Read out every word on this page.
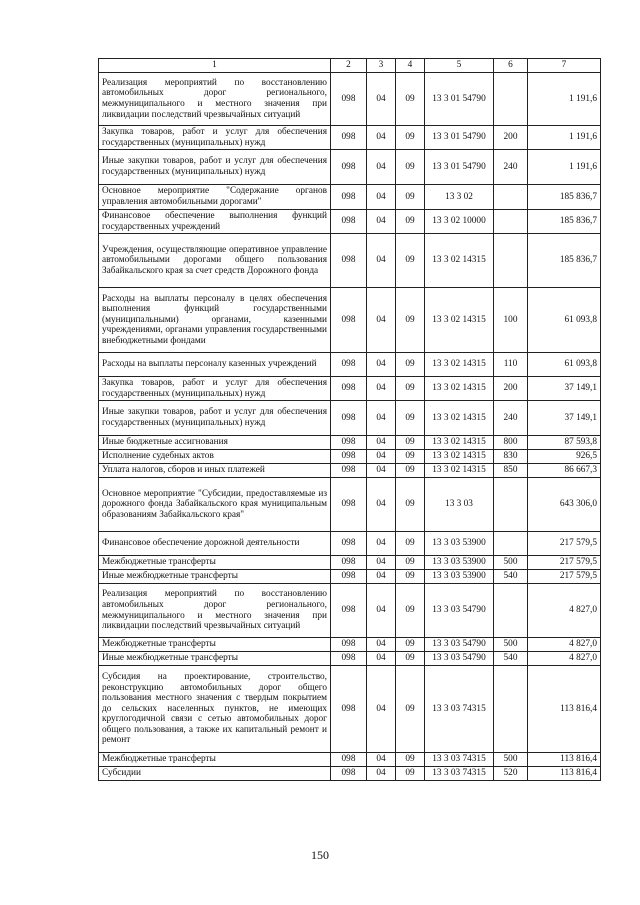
1	2	3	4	5	6	7
Реализация мероприятий по восстановлению автомобильных дорог регионального, межмуниципального и местного значения при ликвидации последствий чрезвычайных ситуаций	098	04	09	13 3 01 54790		1 191,6
Закупка товаров, работ и услуг для обеспечения государственных (муниципальных) нужд	098	04	09	13 3 01 54790	200	1 191,6
Иные закупки товаров, работ и услуг для обеспечения государственных (муниципальных) нужд	098	04	09	13 3 01 54790	240	1 191,6
Основное мероприятие "Содержание органов управления автомобильными дорогами"	098	04	09	13 3 02		185 836,7
Финансовое обеспечение выполнения функций государственных учреждений	098	04	09	13 3 02 10000		185 836,7
Учреждения, осуществляющие оперативное управление автомобильными дорогами общего пользования Забайкальского края за счет средств Дорожного фонда	098	04	09	13 3 02 14315		185 836,7
Расходы на выплаты персоналу в целях обеспечения выполнения функций государственными (муниципальными) органами, казенными учреждениями, органами управления государственными внебюджетными фондами	098	04	09	13 3 02 14315	100	61 093,8
Расходы на выплаты персоналу казенных учреждений	098	04	09	13 3 02 14315	110	61 093,8
Закупка товаров, работ и услуг для обеспечения государственных (муниципальных) нужд	098	04	09	13 3 02 14315	200	37 149,1
Иные закупки товаров, работ и услуг для обеспечения государственных (муниципальных) нужд	098	04	09	13 3 02 14315	240	37 149,1
Иные бюджетные ассигнования	098	04	09	13 3 02 14315	800	87 593,8
Исполнение судебных актов	098	04	09	13 3 02 14315	830	926,5
Уплата налогов, сборов и иных платежей	098	04	09	13 3 02 14315	850	86 667,3
Основное мероприятие "Субсидии, предоставляемые из дорожного фонда Забайкальского края муниципальным образованиям Забайкальского края"	098	04	09	13 3 03		643 306,0
Финансовое обеспечение дорожной деятельности	098	04	09	13 3 03 53900		217 579,5
Межбюджетные трансферты	098	04	09	13 3 03 53900	500	217 579,5
Иные межбюджетные трансферты	098	04	09	13 3 03 53900	540	217 579,5
Реализация мероприятий по восстановлению автомобильных дорог регионального, межмуниципального и местного значения при ликвидации последствий чрезвычайных ситуаций	098	04	09	13 3 03 54790		4 827,0
Межбюджетные трансферты	098	04	09	13 3 03 54790	500	4 827,0
Иные межбюджетные трансферты	098	04	09	13 3 03 54790	540	4 827,0
Субсидия на проектирование, строительство, реконструкцию автомобильных дорог общего пользования местного значения с твердым покрытием до сельских населенных пунктов, не имеющих круглогодичной связи с сетью автомобильных дорог общего пользования, а также их капитальный ремонт и ремонт	098	04	09	13 3 03 74315		113 816,4
Межбюджетные трансферты	098	04	09	13 3 03 74315	500	113 816,4
Субсидии	098	04	09	13 3 03 74315	520	113 816,4
150
